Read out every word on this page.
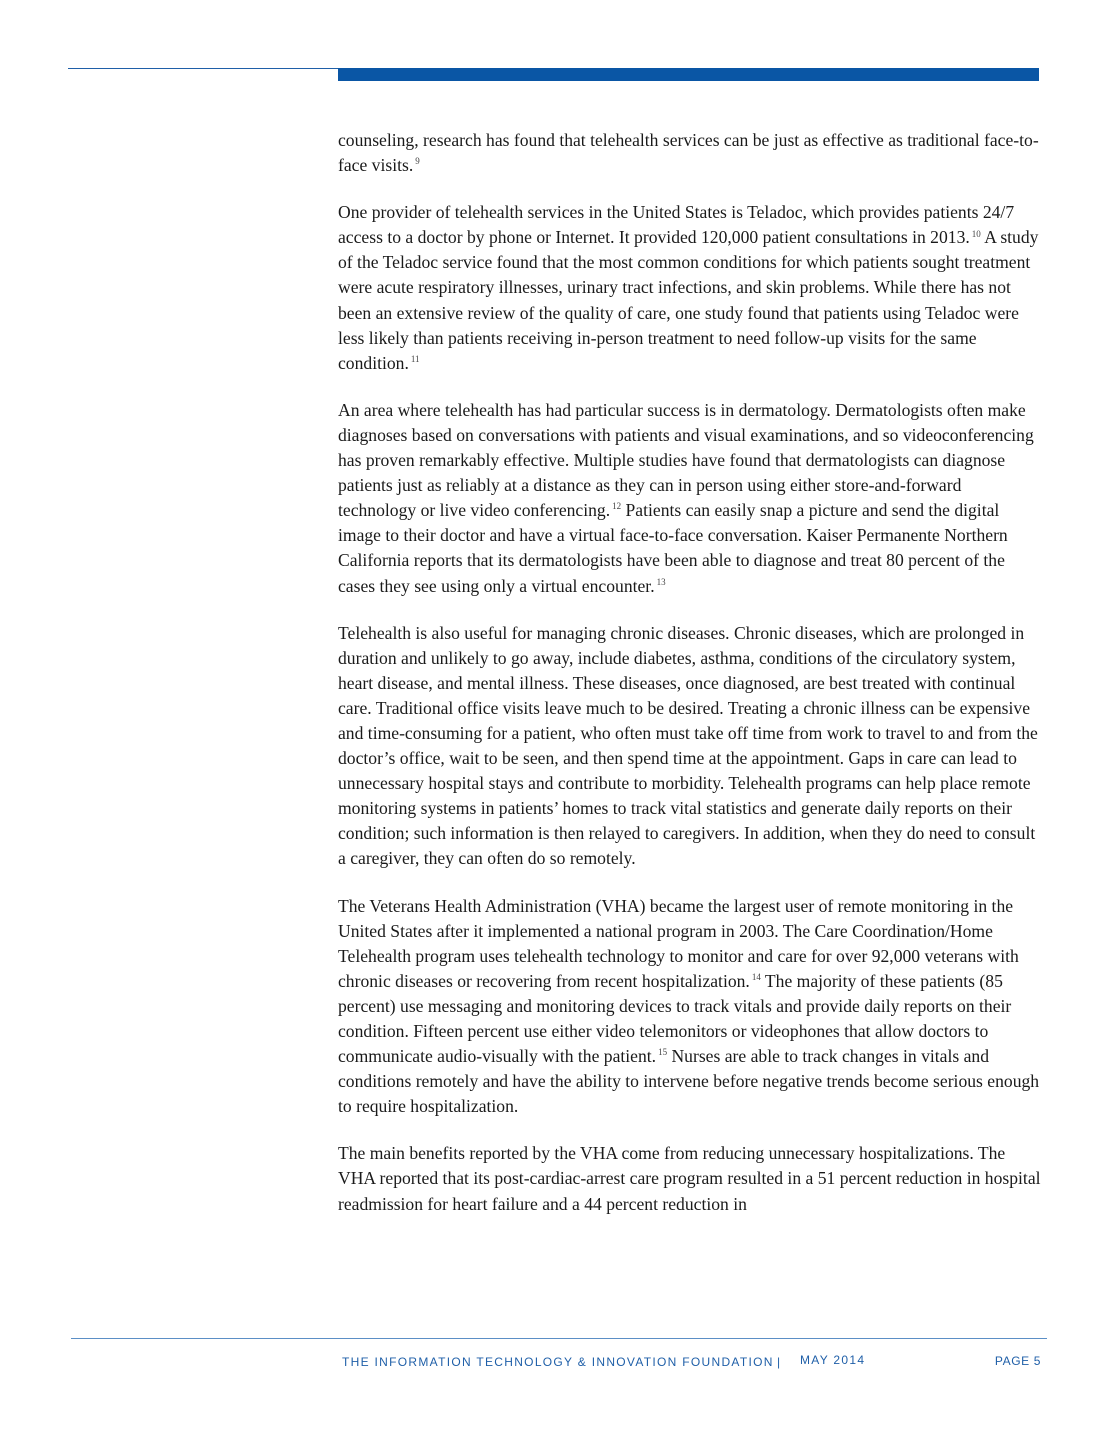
counseling, research has found that telehealth services can be just as effective as traditional face-to-face visits. $^9$

One provider of telehealth services in the United States is Teladoc, which provides patients 24/7 access to a doctor by phone or Internet. It provided 120,000 patient consultations in 2013. $^{10}$ A study of the Teladoc service found that the most common conditions for which patients sought treatment were acute respiratory illnesses, urinary tract infections, and skin problems. While there has not been an extensive review of the quality of care, one study found that patients using Teladoc were less likely than patients receiving in-person treatment to need follow-up visits for the same condition. $^{11}$

An area where telehealth has had particular success is in dermatology. Dermatologists often make diagnoses based on conversations with patients and visual examinations, and so videoconferencing has proven remarkably effective. Multiple studies have found that dermatologists can diagnose patients just as reliably at a distance as they can in person using either store-and-forward technology or live video conferencing. $^{12}$ Patients can easily snap a picture and send the digital image to their doctor and have a virtual face-to-face conversation. Kaiser Permanente Northern California reports that its dermatologists have been able to diagnose and treat 80 percent of the cases they see using only a virtual encounter. $^{13}$

Telehealth is also useful for managing chronic diseases. Chronic diseases, which are prolonged in duration and unlikely to go away, include diabetes, asthma, conditions of the circulatory system, heart disease, and mental illness. These diseases, once diagnosed, are best treated with continual care. Traditional office visits leave much to be desired. Treating a chronic illness can be expensive and time-consuming for a patient, who often must take off time from work to travel to and from the doctor’s office, wait to be seen, and then spend time at the appointment. Gaps in care can lead to unnecessary hospital stays and contribute to morbidity. Telehealth programs can help place remote monitoring systems in patients’ homes to track vital statistics and generate daily reports on their condition; such information is then relayed to caregivers. In addition, when they do need to consult a caregiver, they can often do so remotely.

The Veterans Health Administration (VHA) became the largest user of remote monitoring in the United States after it implemented a national program in 2003. The Care Coordination/Home Telehealth program uses telehealth technology to monitor and care for over 92,000 veterans with chronic diseases or recovering from recent hospitalization. $^{14}$ The majority of these patients (85 percent) use messaging and monitoring devices to track vitals and provide daily reports on their condition. Fifteen percent use either video telemonitors or videophones that allow doctors to communicate audio-visually with the patient. $^{15}$ Nurses are able to track changes in vitals and conditions remotely and have the ability to intervene before negative trends become serious enough to require hospitalization.

The main benefits reported by the VHA come from reducing unnecessary hospitalizations. The VHA reported that its post-cardiac-arrest care program resulted in a 51 percent reduction in hospital readmission for heart failure and a 44 percent reduction in

THE INFORMATION TECHNOLOGY & INNOVATION FOUNDATION | MAY 2014	PAGE 5
